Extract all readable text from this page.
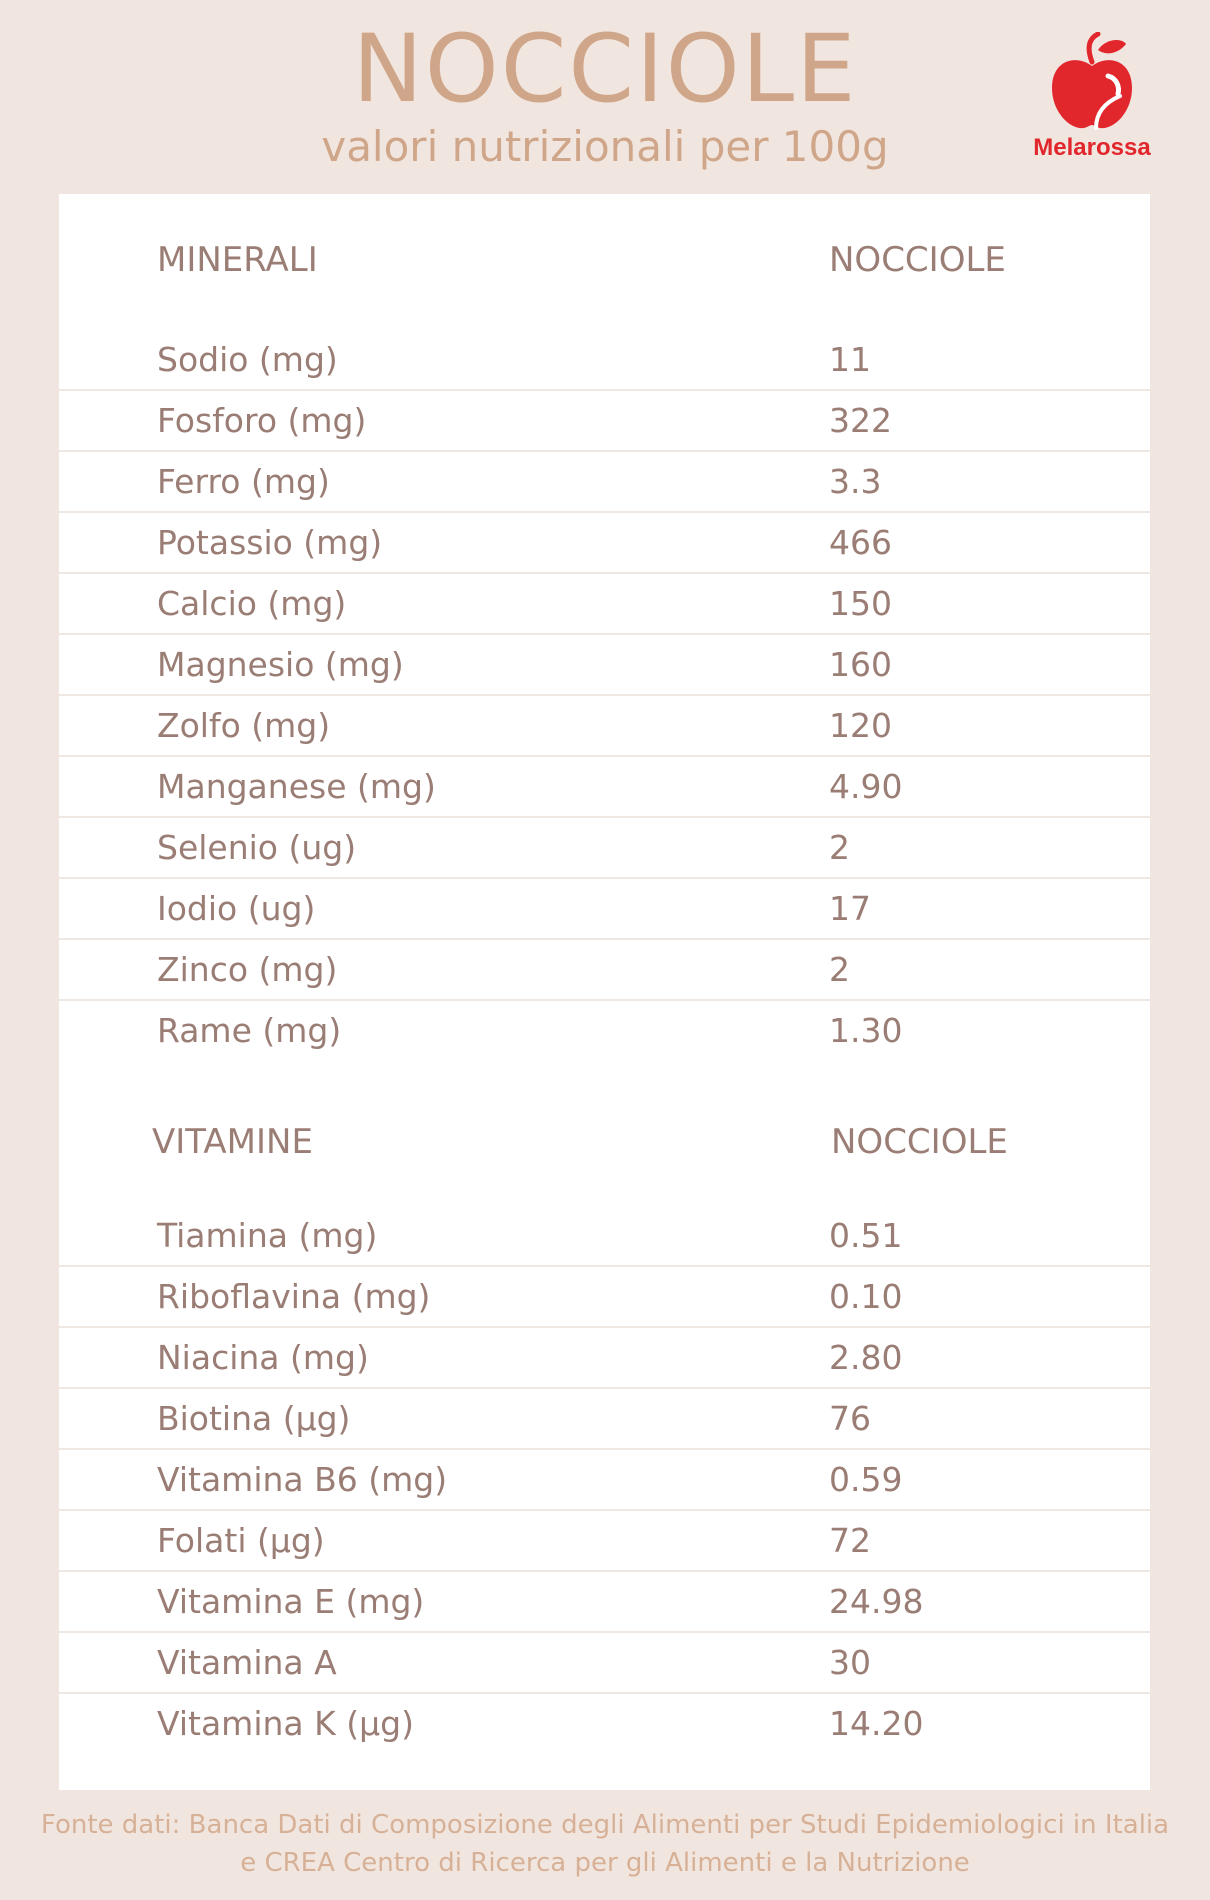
NOCCIOLE
valori nutrizionali per 100g	Melarossa
MINERALI	NOCCIOLE
Sodio (mg)	11
Fosforo (mg)	322
Ferro (mg)	3.3
Potassio (mg)	466
Calcio (mg)	150
Magnesio (mg)	160
Zolfo (mg)	120
Manganese (mg)	4.90
Selenio (ug)	2
Iodio (ug)	17
Zinco (mg)	2
Rame (mg)	1.30
VITAMINE	NOCCIOLE
Tiamina (mg)	0.51
Riboflavina (mg)	0.10
Niacina (mg)	2.80
Biotina (µg)	76
Vitamina B6 (mg)	0.59
Folati (µg)	72
Vitamina E (mg)	24.98
Vitamina A	30
Vitamina K (µg)	14.20
Fonte dati: Banca Dati di Composizione degli Alimenti per Studi Epidemiologici in Italia
e CREA Centro di Ricerca per gli Alimenti e la Nutrizione
